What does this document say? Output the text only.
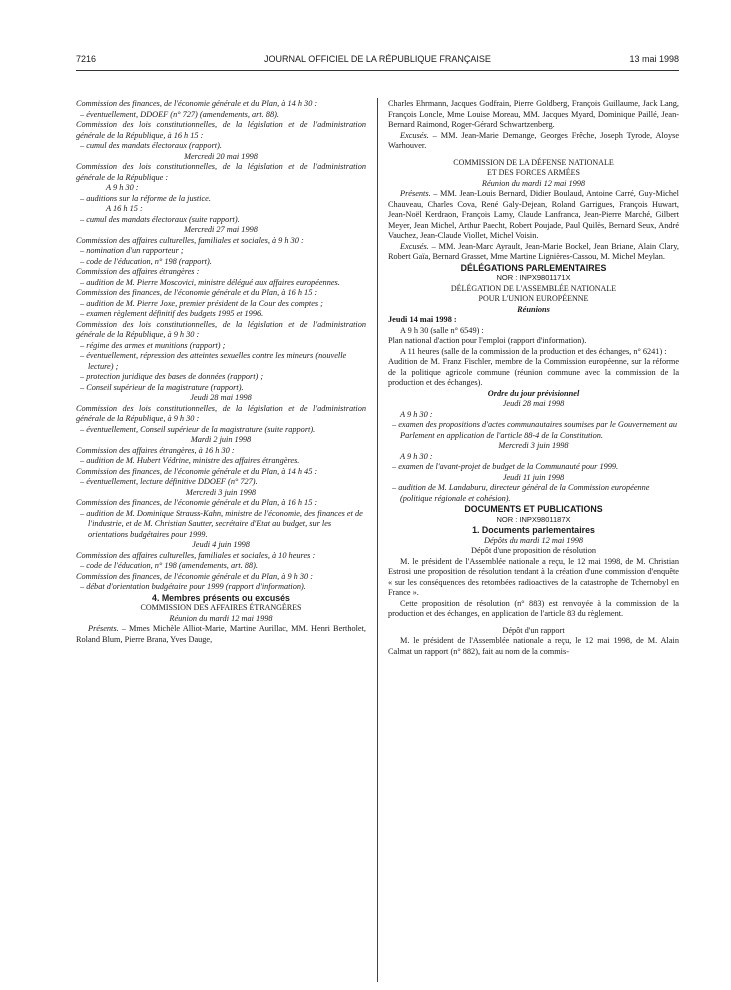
7216	JOURNAL OFFICIEL DE LA RÉPUBLIQUE FRANÇAISE	13 mai 1998

Commission des finances, de l'économie générale et du Plan, à 14 h 30 :

– éventuellement, DDOEF (n° 727) (amendements, art. 88).

Commission des lois constitutionnelles, de la législation et de l'administration générale de la République, à 16 h 15 :

– cumul des mandats électoraux (rapport).

Mercredi 20 mai 1998

Commission des lois constitutionnelles, de la législation et de l'administration générale de la République :

A 9 h 30 :

– auditions sur la réforme de la justice.

A 16 h 15 :

– cumul des mandats électoraux (suite rapport).

Mercredi 27 mai 1998

Commission des affaires culturelles, familiales et sociales, à 9 h 30 :

– nomination d'un rapporteur ;

– code de l'éducation, n° 198 (rapport).

Commission des affaires étrangères :

– audition de M. Pierre Moscovici, ministre délégué aux affaires européennes.

Commission des finances, de l'économie générale et du Plan, à 16 h 15 :

– audition de M. Pierre Joxe, premier président de la Cour des comptes ;

– examen règlement définitif des budgets 1995 et 1996.

Commission des lois constitutionnelles, de la législation et de l'administration générale de la République, à 9 h 30 :

– régime des armes et munitions (rapport) ;

– éventuellement, répression des atteintes sexuelles contre les mineurs (nouvelle lecture) ;

– protection juridique des bases de données (rapport) ;

– Conseil supérieur de la magistrature (rapport).

Jeudi 28 mai 1998

Commission des lois constitutionnelles, de la législation et de l'administration générale de la République, à 9 h 30 :

– éventuellement, Conseil supérieur de la magistrature (suite rapport).

Mardi 2 juin 1998

Commission des affaires étrangères, à 16 h 30 :

– audition de M. Hubert Védrine, ministre des affaires étrangères.

Commission des finances, de l'économie générale et du Plan, à 14 h 45 :

– éventuellement, lecture définitive DDOEF (n° 727).

Mercredi 3 juin 1998

Commission des finances, de l'économie générale et du Plan, à 16 h 15 :

– audition de M. Dominique Strauss-Kahn, ministre de l'économie, des finances et de l'industrie, et de M. Christian Sautter, secrétaire d'Etat au budget, sur les orientations budgétaires pour 1999.

Jeudi 4 juin 1998

Commission des affaires culturelles, familiales et sociales, à 10 heures :

– code de l'éducation, n° 198 (amendements, art. 88).

Commission des finances, de l'économie générale et du Plan, à 9 h 30 :

– débat d'orientation budgétaire pour 1999 (rapport d'information).

4. Membres présents ou excusés

COMMISSION DES AFFAIRES ÉTRANGÈRES

Réunion du mardi 12 mai 1998

Présents. – Mmes Michèle Alliot-Marie, Martine Aurillac, MM. Henri Bertholet, Roland Blum, Pierre Brana, Yves Dauge,

Charles Ehrmann, Jacques Godfrain, Pierre Goldberg, François Guillaume, Jack Lang, François Loncle, Mme Louise Moreau, MM. Jacques Myard, Dominique Paillé, Jean-Bernard Raimond, Roger-Gérard Schwartzenberg.

Excusés. – MM. Jean-Marie Demange, Georges Frêche, Joseph Tyrode, Aloyse Warhouver.

COMMISSION DE LA DÉFENSE NATIONALE

ET DES FORCES ARMÉES

Réunion du mardi 12 mai 1998

Présents. – MM. Jean-Louis Bernard, Didier Boulaud, Antoine Carré, Guy-Michel Chauveau, Charles Cova, René Galy-Dejean, Roland Garrigues, François Huwart, Jean-Noël Kerdraon, François Lamy, Claude Lanfranca, Jean-Pierre Marché, Gilbert Meyer, Jean Michel, Arthur Paecht, Robert Poujade, Paul Quilès, Bernard Seux, André Vauchez, Jean-Claude Viollet, Michel Voisin.

Excusés. – MM. Jean-Marc Ayrault, Jean-Marie Bockel, Jean Briane, Alain Clary, Robert Gaïa, Bernard Grasset, Mme Martine Lignières-Cassou, M. Michel Meylan.

DÉLÉGATIONS PARLEMENTAIRES

NOR : INPX9801171X

DÉLÉGATION DE L'ASSEMBLÉE NATIONALE

POUR L'UNION EUROPÉENNE

Réunions

Jeudi 14 mai 1998 :

A 9 h 30 (salle n° 6549) :

Plan national d'action pour l'emploi (rapport d'information).

A 11 heures (salle de la commission de la production et des échanges, n° 6241) :

Audition de M. Franz Fischler, membre de la Commission européenne, sur la réforme de la politique agricole commune (réunion commune avec la commission de la production et des échanges).

Ordre du jour prévisionnel

Jeudi 28 mai 1998

A 9 h 30 :

– examen des propositions d'actes communautaires soumises par le Gouvernement au Parlement en application de l'article 88-4 de la Constitution.

Mercredi 3 juin 1998

A 9 h 30 :

– examen de l'avant-projet de budget de la Communauté pour 1999.

Jeudi 11 juin 1998

– audition de M. Landaburu, directeur général de la Commission européenne (politique régionale et cohésion).

DOCUMENTS ET PUBLICATIONS

NOR : INPX9801187X

1. Documents parlementaires

Dépôts du mardi 12 mai 1998

Dépôt d'une proposition de résolution

M. le président de l'Assemblée nationale a reçu, le 12 mai 1998, de M. Christian Estrosi une proposition de résolution tendant à la création d'une commission d'enquête « sur les conséquences des retombées radioactives de la catastrophe de Tchernobyl en France ».

Cette proposition de résolution (n° 883) est renvoyée à la commission de la production et des échanges, en application de l'article 83 du règlement.

Dépôt d'un rapport

M. le président de l'Assemblée nationale a reçu, le 12 mai 1998, de M. Alain Calmat un rapport (n° 882), fait au nom de la commis-
